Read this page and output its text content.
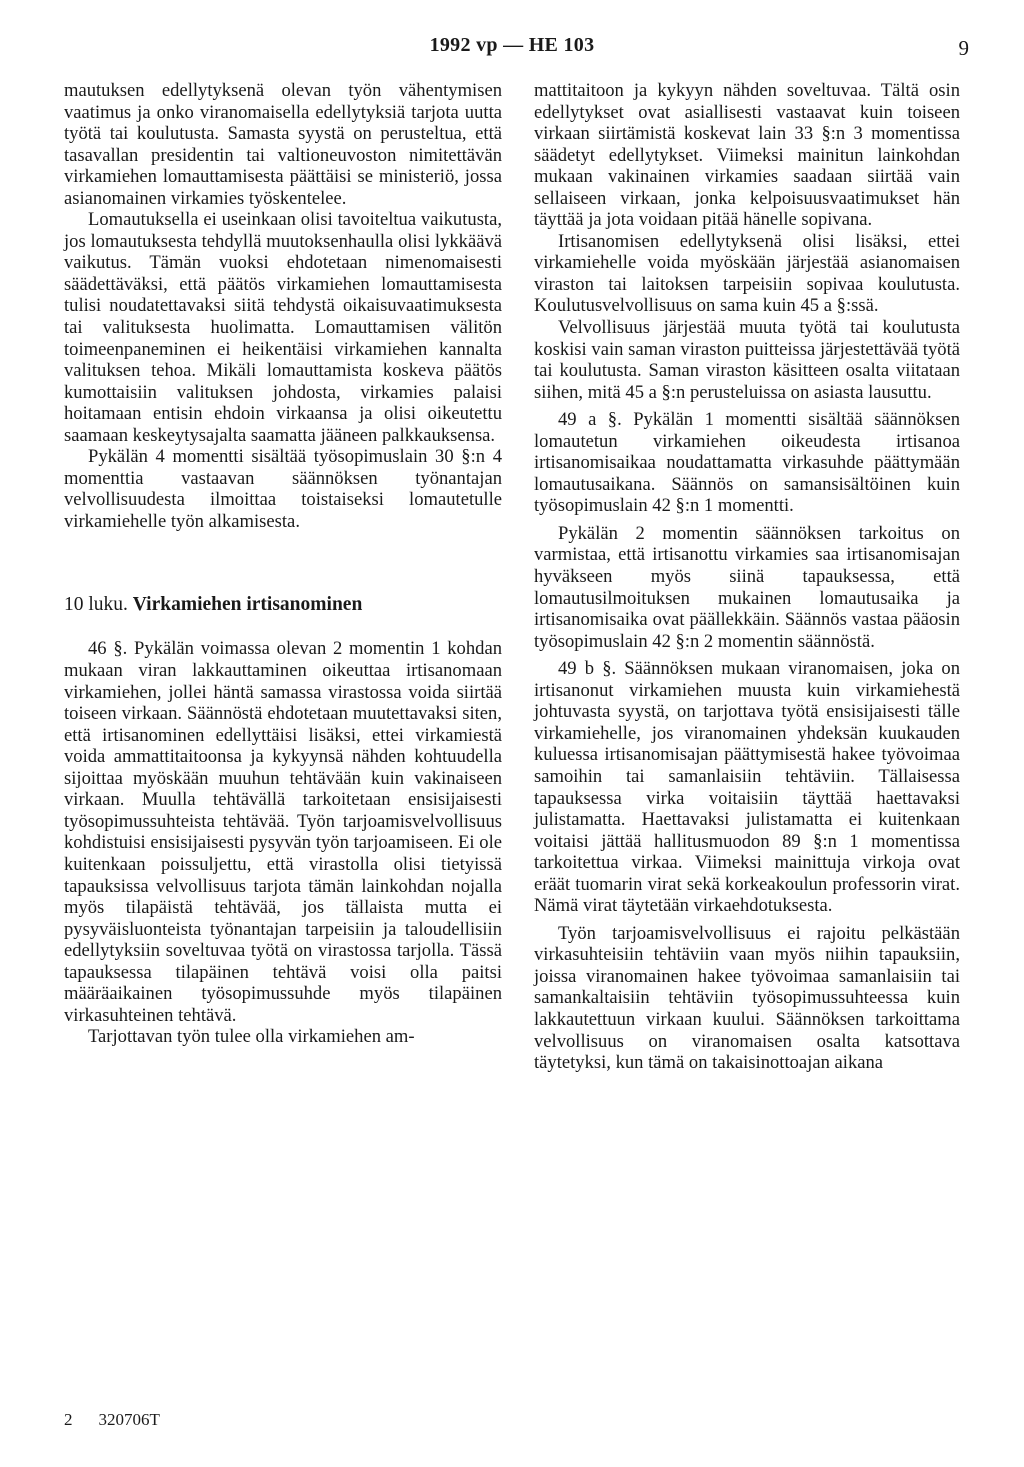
1992 vp — HE 103	9

mautuksen edellytyksenä olevan työn vähentymisen vaatimus ja onko viranomaisella edellytyksiä tarjota uutta työtä tai koulutusta. Samasta syystä on perusteltua, että tasavallan presidentin tai valtioneuvoston nimitettävän virkamiehen lomauttamisesta päättäisi se ministeriö, jossa asianomainen virkamies työskentelee.

Lomautuksella ei useinkaan olisi tavoiteltua vaikutusta, jos lomautuksesta tehdyllä muutoksenhaulla olisi lykkäävä vaikutus. Tämän vuoksi ehdotetaan nimenomaisesti säädettäväksi, että päätös virkamiehen lomauttamisesta tulisi noudatettavaksi siitä tehdystä oikaisuvaatimuksesta tai valituksesta huolimatta. Lomauttamisen välitön toimeenpaneminen ei heikentäisi virkamiehen kannalta valituksen tehoa. Mikäli lomauttamista koskeva päätös kumottaisiin valituksen johdosta, virkamies palaisi hoitamaan entisin ehdoin virkaansa ja olisi oikeutettu saamaan keskeytysajalta saamatta jääneen palkkauksensa.

Pykälän 4 momentti sisältää työsopimuslain 30 §:n 4 momenttia vastaavan säännöksen työnantajan velvollisuudesta ilmoittaa toistaiseksi lomautetulle virkamiehelle työn alkamisesta.

10 luku. Virkamiehen irtisanominen

46 §. Pykälän voimassa olevan 2 momentin 1 kohdan mukaan viran lakkauttaminen oikeuttaa irtisanomaan virkamiehen, jollei häntä samassa virastossa voida siirtää toiseen virkaan. Säännöstä ehdotetaan muutettavaksi siten, että irtisanominen edellyttäisi lisäksi, ettei virkamiestä voida ammattitaitoonsa ja kykyynsä nähden kohtuudella sijoittaa myöskään muuhun tehtävään kuin vakinaiseen virkaan. Muulla tehtävällä tarkoitetaan ensisijaisesti työsopimussuhteista tehtävää. Työn tarjoamisvelvollisuus kohdistuisi ensisijaisesti pysyvän työn tarjoamiseen. Ei ole kuitenkaan poissuljettu, että virastolla olisi tietyissä tapauksissa velvollisuus tarjota tämän lainkohdan nojalla myös tilapäistä tehtävää, jos tällaista mutta ei pysyväisluonteista työnantajan tarpeisiin ja taloudellisiin edellytyksiin soveltuvaa työtä on virastossa tarjolla. Tässä tapauksessa tilapäinen tehtävä voisi olla paitsi määräaikainen työsopimussuhde myös tilapäinen virkasuhteinen tehtävä.

Tarjottavan työn tulee olla virkamiehen am-

mattitaitoon ja kykyyn nähden soveltuvaa. Tältä osin edellytykset ovat asiallisesti vastaavat kuin toiseen virkaan siirtämistä koskevat lain 33 §:n 3 momentissa säädetyt edellytykset. Viimeksi mainitun lainkohdan mukaan vakinainen virkamies saadaan siirtää vain sellaiseen virkaan, jonka kelpoisuusvaatimukset hän täyttää ja jota voidaan pitää hänelle sopivana.

Irtisanomisen edellytyksenä olisi lisäksi, ettei virkamiehelle voida myöskään järjestää asianomaisen viraston tai laitoksen tarpeisiin sopivaa koulutusta. Koulutusvelvollisuus on sama kuin 45 a §:ssä.

Velvollisuus järjestää muuta työtä tai koulutusta koskisi vain saman viraston puitteissa järjestettävää työtä tai koulutusta. Saman viraston käsitteen osalta viitataan siihen, mitä 45 a §:n perusteluissa on asiasta lausuttu.

49 a §. Pykälän 1 momentti sisältää säännöksen lomautetun virkamiehen oikeudesta irtisanoa irtisanomisaikaa noudattamatta virkasuhde päättymään lomautusaikana. Säännös on samansisältöinen kuin työsopimuslain 42 §:n 1 momentti.

Pykälän 2 momentin säännöksen tarkoitus on varmistaa, että irtisanottu virkamies saa irtisanomisajan hyväkseen myös siinä tapauksessa, että lomautusilmoituksen mukainen lomautusaika ja irtisanomisaika ovat päällekkäin. Säännös vastaa pääosin työsopimuslain 42 §:n 2 momentin säännöstä.

49 b §. Säännöksen mukaan viranomaisen, joka on irtisanonut virkamiehen muusta kuin virkamiehestä johtuvasta syystä, on tarjottava työtä ensisijaisesti tälle virkamiehelle, jos viranomainen yhdeksän kuukauden kuluessa irtisanomisajan päättymisestä hakee työvoimaa samoihin tai samanlaisiin tehtäviin. Tällaisessa tapauksessa virka voitaisiin täyttää haettavaksi julistamatta. Haettavaksi julistamatta ei kuitenkaan voitaisi jättää hallitusmuodon 89 §:n 1 momentissa tarkoitettua virkaa. Viimeksi mainittuja virkoja ovat eräät tuomarin virat sekä korkeakoulun professorin virat. Nämä virat täytetään virkaehdotuksesta.

Työn tarjoamisvelvollisuus ei rajoitu pelkästään virkasuhteisiin tehtäviin vaan myös niihin tapauksiin, joissa viranomainen hakee työvoimaa samanlaisiin tai samankaltaisiin tehtäviin työsopimussuhteessa kuin lakkautettuun virkaan kuului. Säännöksen tarkoittama velvollisuus on viranomaisen osalta katsottava täytetyksi, kun tämä on takaisinottoajan aikana

2 320706T
